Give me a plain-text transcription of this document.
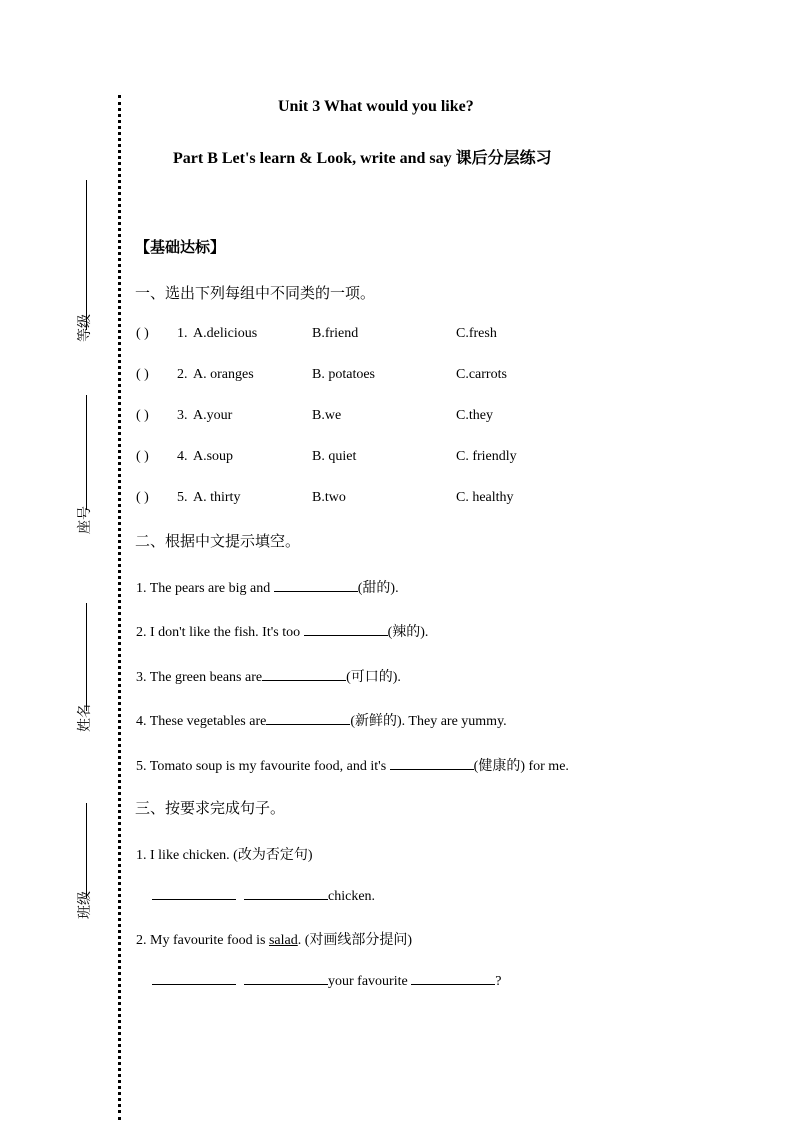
等级
座号
姓名
班级
Unit 3 What would you like?
Part B Let's learn & Look, write and say 课后分层练习
【基础达标】
一、选出下列每组中不同类的一项。
( ) 1. A.delicious	B.friend	C.fresh
( ) 2. A. oranges	B. potatoes	C.carrots
( ) 3. A.your	B.we	C.they
( ) 4. A.soup	B. quiet	C. friendly
( ) 5. A. thirty	B.two	C. healthy
二、根据中文提示填空。
1. The pears are big and	(甜的).
2. I don't like the fish. It's too	(辣的).
3. The green beans are	(可口的).
4. These vegetables are	(新鲜的). They are yummy.
5. Tomato soup is my favourite food, and it's	(健康的) for me.
三、按要求完成句子。
1. I like chicken. (改为否定句)
chicken.
2. My favourite food is salad. (对画线部分提问)
your favourite	?
